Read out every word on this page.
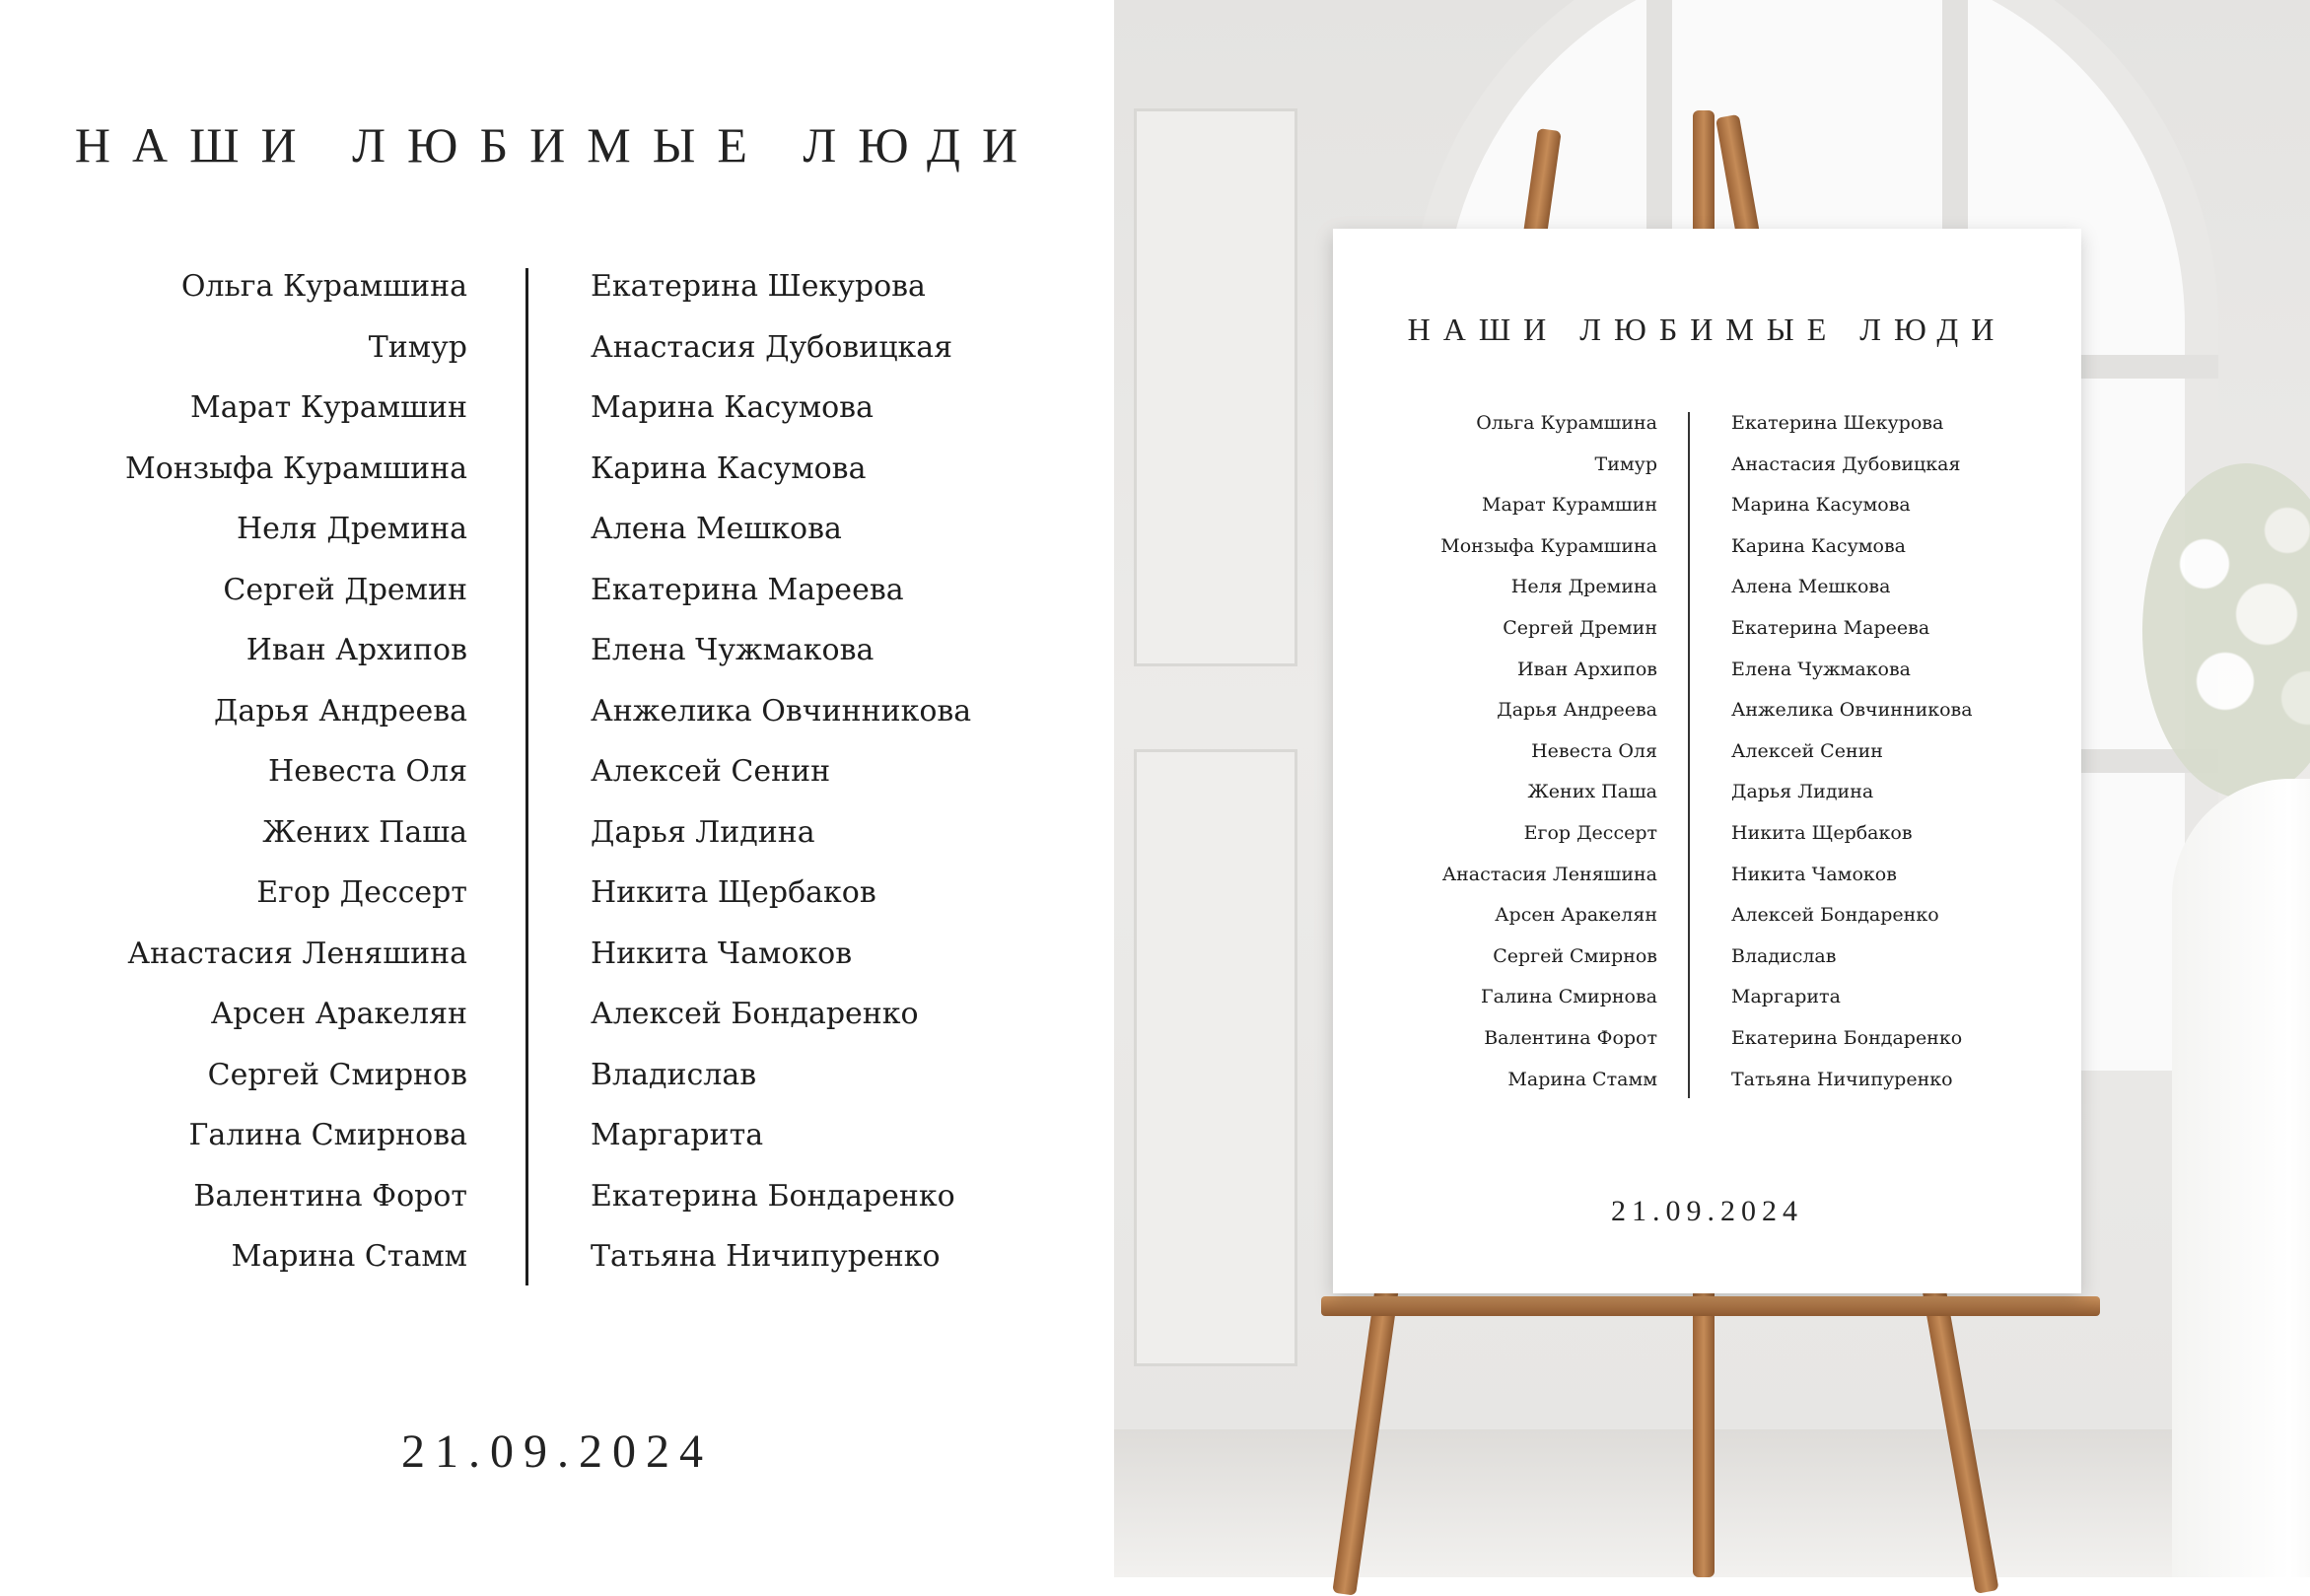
НАШИ ЛЮБИМЫЕ ЛЮДИ
Ольга Курамшина
Тимур
Марат Курамшин
Монзыфа Курамшина
Неля Дремина
Сергей Дремин
Иван Архипов
Дарья Андреева
Невеста Оля
Жених Паша
Егор Дессерт
Анастасия Леняшина
Арсен Аракелян
Сергей Смирнов
Галина Смирнова
Валентина Форот
Марина Стамм
Екатерина Шекурова
Анастасия Дубовицкая
Марина Касумова
Карина Касумова
Алена Мешкова
Екатерина Мареева
Елена Чужмакова
Анжелика Овчинникова
Алексей Сенин
Дарья Лидина
Никита Щербаков
Никита Чамоков
Алексей Бондаренко
Владислав
Маргарита
Екатерина Бондаренко
Татьяна Ничипуренко
21.09.2024
НАШИ ЛЮБИМЫЕ ЛЮДИ
Ольга Курамшина
Тимур
Марат Курамшин
Монзыфа Курамшина
Неля Дремина
Сергей Дремин
Иван Архипов
Дарья Андреева
Невеста Оля
Жених Паша
Егор Дессерт
Анастасия Леняшина
Арсен Аракелян
Сергей Смирнов
Галина Смирнова
Валентина Форот
Марина Стамм
Екатерина Шекурова
Анастасия Дубовицкая
Марина Касумова
Карина Касумова
Алена Мешкова
Екатерина Мареева
Елена Чужмакова
Анжелика Овчинникова
Алексей Сенин
Дарья Лидина
Никита Щербаков
Никита Чамоков
Алексей Бондаренко
Владислав
Маргарита
Екатерина Бондаренко
Татьяна Ничипуренко
21.09.2024
